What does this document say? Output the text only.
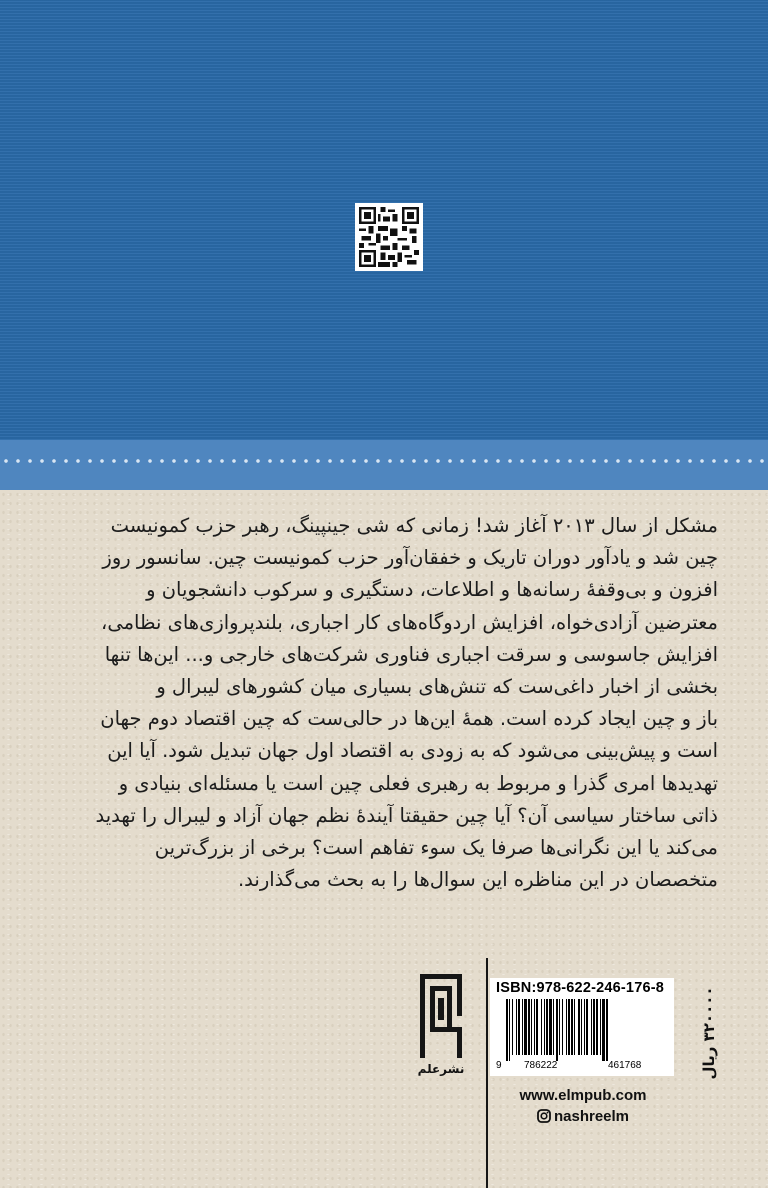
مشکل از سال ۲۰۱۳ آغاز شد! زمانی که شی جینپینگ، رهبر حزب کمونیست
چین شد و یادآور دوران تاریک و خفقان‌آور حزب کمونیست چین. سانسور روز
افزون و بی‌وقفهٔ رسانه‌ها و اطلاعات، دستگیری و سرکوب دانشجویان و
معترضین آزادی‌خواه، افزایش اردوگاه‌های کار اجباری، بلندپروازی‌های نظامی،
افزایش جاسوسی و سرقت اجباری فناوری شرکت‌های خارجی و... این‌ها تنها
بخشی از اخبار داغی‌ست که تنش‌های بسیاری میان کشورهای لیبرال و
باز و چین ایجاد کرده است. همهٔ این‌ها در حالی‌ست که چین اقتصاد دوم جهان
است و پیش‌بینی می‌شود که به زودی به اقتصاد اول جهان تبدیل شود. آیا این
تهدیدها امری گذرا و مربوط به رهبری فعلی چین است یا مسئله‌ای بنیادی و
ذاتی ساختار سیاسی آن؟ آیا چین حقیقتا آیندهٔ نظم جهان آزاد و لیبرال را تهدید
می‌کند یا این نگرانی‌ها صرفا یک سوء تفاهم است؟ برخی از بزرگ‌ترین
متخصصان در این مناظره این سوال‌ها را به بحث می‌گذارند.
نشرعلم
ISBN:978-622-246-176-8
9 786222	461768	۳۲۰۰۰۰ ریال
www.elmpub.com
nashreelm
